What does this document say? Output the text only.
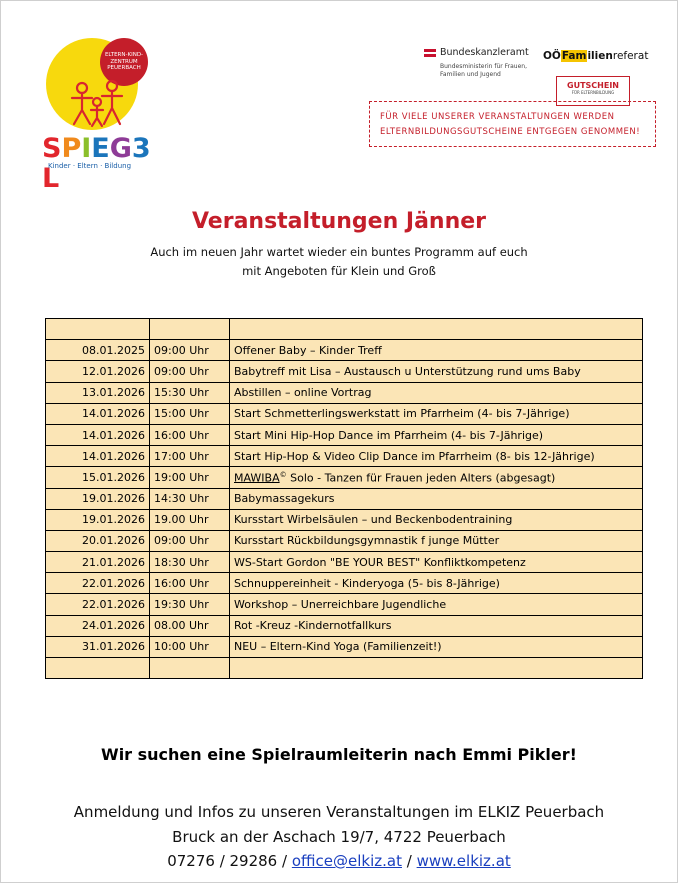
ELTERN-KIND-ZENTRUM PEUERBACH
SPIEG3L
Kinder · Eltern · Bildung
Bundeskanzleramt
Bundesministerin für Frauen,
Familien und Jugend
OÖFamilienreferat
GUTSCHEIN
FÜR ELTERNBILDUNG

FÜR VIELE UNSERER VERANSTALTUNGEN WERDEN

ELTERNBILDUNGSGUTSCHEINE ENTGEGEN GENOMMEN!

Veranstaltungen Jänner
Auch im neuen Jahr wartet wieder ein buntes Programm auf euch
mit Angeboten für Klein und Groß

08.01.2025	09:00 Uhr	Offener Baby – Kinder Treff
12.01.2026	09:00 Uhr	Babytreff mit Lisa – Austausch u Unterstützung rund ums Baby
13.01.2026	15:30 Uhr	Abstillen – online Vortrag
14.01.2026	15:00 Uhr	Start Schmetterlingswerkstatt im Pfarrheim (4- bis 7-Jährige)
14.01.2026	16:00 Uhr	Start Mini Hip-Hop Dance im Pfarrheim (4- bis 7-Jährige)
14.01.2026	17:00 Uhr	Start Hip-Hop & Video Clip Dance im Pfarrheim (8- bis 12-Jährige)
15.01.2026	19:00 Uhr	MAWIBA© Solo - Tanzen für Frauen jeden Alters (abgesagt)
19.01.2026	14:30 Uhr	Babymassagekurs
19.01.2026	19.00 Uhr	Kursstart Wirbelsäulen – und Beckenbodentraining
20.01.2026	09:00 Uhr	Kursstart Rückbildungsgymnastik f junge Mütter
21.01.2026	18:30 Uhr	WS-Start Gordon "BE YOUR BEST" Konfliktkompetenz
22.01.2026	16:00 Uhr	Schnuppereinheit - Kinderyoga (5- bis 8-Jährige)
22.01.2026	19:30 Uhr	Workshop – Unerreichbare Jugendliche
24.01.2026	08.00 Uhr	Rot -Kreuz -Kindernotfallkurs
31.01.2026	10:00 Uhr	NEU – Eltern-Kind Yoga (Familienzeit!)

Wir suchen eine Spielraumleiterin nach Emmi Pikler!
Anmeldung und Infos zu unseren Veranstaltungen im ELKIZ Peuerbach
Bruck an der Aschach 19/7, 4722 Peuerbach
07276 / 29286 / office@elkiz.at / www.elkiz.at
